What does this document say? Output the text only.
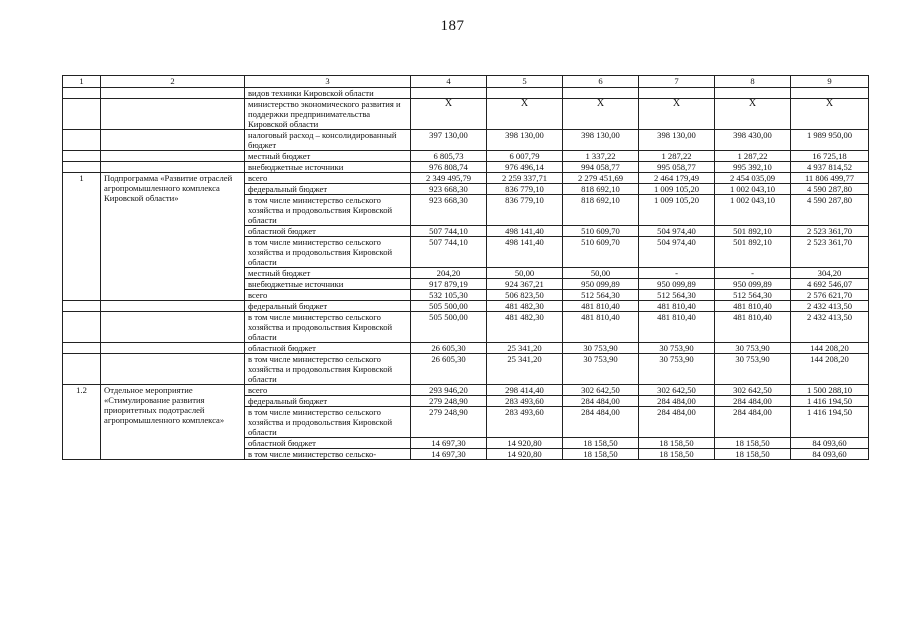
187
1	2	3	4	5	6	7	8	9
		видов техники Кировской области						
		министерство экономического развития и поддержки предпринимательства Кировской области	X	X	X	X	X	X
		налоговый расход – консолидированный бюджет	397 130,00	398 130,00	398 130,00	398 130,00	398 430,00	1 989 950,00
		местный бюджет	6 805,73	6 007,79	1 337,22	1 287,22	1 287,22	16 725,18
		внебюджетные источники	976 808,74	976 496,14	994 058,77	995 058,77	995 392,10	4 937 814,52
1	Подпрограмма «Развитие отраслей агропромышленного комплекса Кировской области»	всего	2 349 495,79	2 259 337,71	2 279 451,69	2 464 179,49	2 454 035,09	11 806 499,77
		федеральный бюджет	923 668,30	836 779,10	818 692,10	1 009 105,20	1 002 043,10	4 590 287,80
		в том числе министерство сельского хозяйства и продовольствия Кировской области	923 668,30	836 779,10	818 692,10	1 009 105,20	1 002 043,10	4 590 287,80
		областной бюджет	507 744,10	498 141,40	510 609,70	504 974,40	501 892,10	2 523 361,70
		в том числе министерство сельского хозяйства и продовольствия Кировской области	507 744,10	498 141,40	510 609,70	504 974,40	501 892,10	2 523 361,70
		местный бюджет	204,20	50,00	50,00	-	-	304,20
		внебюджетные источники	917 879,19	924 367,21	950 099,89	950 099,89	950 099,89	4 692 546,07
		всего	532 105,30	506 823,50	512 564,30	512 564,30	512 564,30	2 576 621,70
		федеральный бюджет	505 500,00	481 482,30	481 810,40	481 810,40	481 810,40	2 432 413,50
		в том числе министерство сельского хозяйства и продовольствия Кировской области	505 500,00	481 482,30	481 810,40	481 810,40	481 810,40	2 432 413,50
		областной бюджет	26 605,30	25 341,20	30 753,90	30 753,90	30 753,90	144 208,20
		в том числе министерство сельского хозяйства и продовольствия Кировской области	26 605,30	25 341,20	30 753,90	30 753,90	30 753,90	144 208,20
1.2	Отдельное мероприятие «Стимулирование развития приоритетных подотраслей агропромышленного комплекса»	всего	293 946,20	298 414,40	302 642,50	302 642,50	302 642,50	1 500 288,10
		федеральный бюджет	279 248,90	283 493,60	284 484,00	284 484,00	284 484,00	1 416 194,50
		в том числе министерство сельского хозяйства и продовольствия Кировской области	279 248,90	283 493,60	284 484,00	284 484,00	284 484,00	1 416 194,50
		областной бюджет	14 697,30	14 920,80	18 158,50	18 158,50	18 158,50	84 093,60
		в том числе министерство сельско-	14 697,30	14 920,80	18 158,50	18 158,50	18 158,50	84 093,60
